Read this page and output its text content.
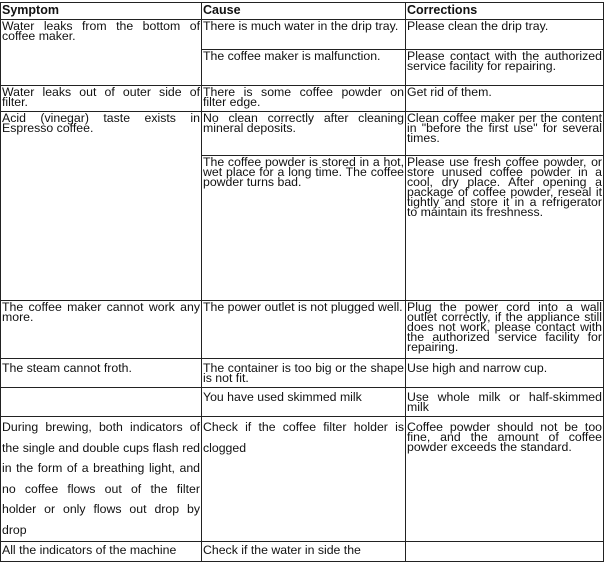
Symptom	Cause	Corrections

Water leaks from the bottom of coffee maker.	There is much water in the drip tray.	Please clean the drip tray.

	The coffee maker is malfunction.	Please contact with the authorized service facility for repairing.

Water leaks out of outer side of filter.	There is some coffee powder on filter edge.	Get rid of them.

Acid (vinegar) taste exists in Espresso coffee.	No clean correctly after cleaning mineral deposits.	Clean coffee maker per the content in "before the first use" for several times.

	The coffee powder is stored in a hot, wet place for a long time. The coffee powder turns bad.	Please use fresh coffee powder, or store unused coffee powder in a cool, dry place. After opening a package of coffee powder, reseal it tightly and store it in a refrigerator to maintain its freshness.

The coffee maker cannot work any more.	The power outlet is not plugged well.	Plug the power cord into a wall outlet correctly, if the appliance still does not work, please contact with the authorized service facility for repairing.

The steam cannot froth.	The container is too big or the shape is not fit.	Use high and narrow cup.
	You have used skimmed milk	Use whole milk or half-skimmed milk
During brewing, both indicators of the single and double cups flash red in the form of a breathing light, and no coffee flows out of the filter holder or only flows out drop by drop	Check if the coffee filter holder is clogged	Coffee powder should not be too fine, and the amount of coffee powder exceeds the standard.
All the indicators of the machine	Check if the water in side the	
